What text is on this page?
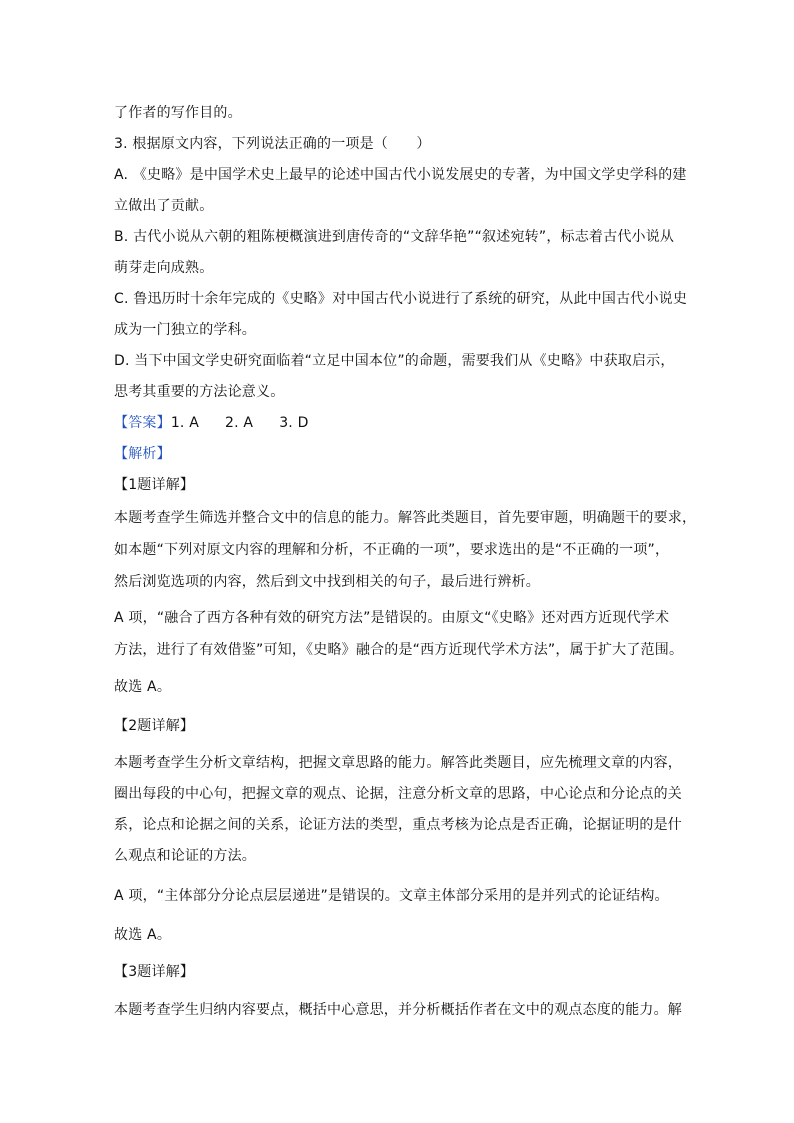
了作者的写作目的。
3. 根据原文内容，下列说法正确的一项是（　　）
A. 《史略》是中国学术史上最早的论述中国古代小说发展史的专著，为中国文学史学科的建
立做出了贡献。
B. 古代小说从六朝的粗陈梗概演进到唐传奇的“文辞华艳”“叙述宛转”，标志着古代小说从
萌芽走向成熟。
C. 鲁迅历时十余年完成的《史略》对中国古代小说进行了系统的研究，从此中国古代小说史
成为一门独立的学科。
D. 当下中国文学史研究面临着“立足中国本位”的命题，需要我们从《史略》中获取启示，
思考其重要的方法论意义。
【答案】1. A 2. A 3. D
【解析】
【1题详解】
本题考查学生筛选并整合文中的信息的能力。解答此类题目，首先要审题，明确题干的要求，
如本题“下列对原文内容的理解和分析，不正确的一项”，要求选出的是“不正确的一项”，
然后浏览选项的内容，然后到文中找到相关的句子，最后进行辨析。
A 项，“融合了西方各种有效的研究方法”是错误的。由原文“《史略》还对西方近现代学术
方法，进行了有效借鉴”可知，《史略》融合的是“西方近现代学术方法”，属于扩大了范围。
故选 A。
【2题详解】
本题考查学生分析文章结构，把握文章思路的能力。解答此类题目，应先梳理文章的内容，
圈出每段的中心句，把握文章的观点、论据，注意分析文章的思路，中心论点和分论点的关
系，论点和论据之间的关系，论证方法的类型，重点考核为论点是否正确，论据证明的是什
么观点和论证的方法。
A 项，“主体部分分论点层层递进”是错误的。文章主体部分采用的是并列式的论证结构。
故选 A。
【3题详解】
本题考查学生归纳内容要点，概括中心意思，并分析概括作者在文中的观点态度的能力。解
